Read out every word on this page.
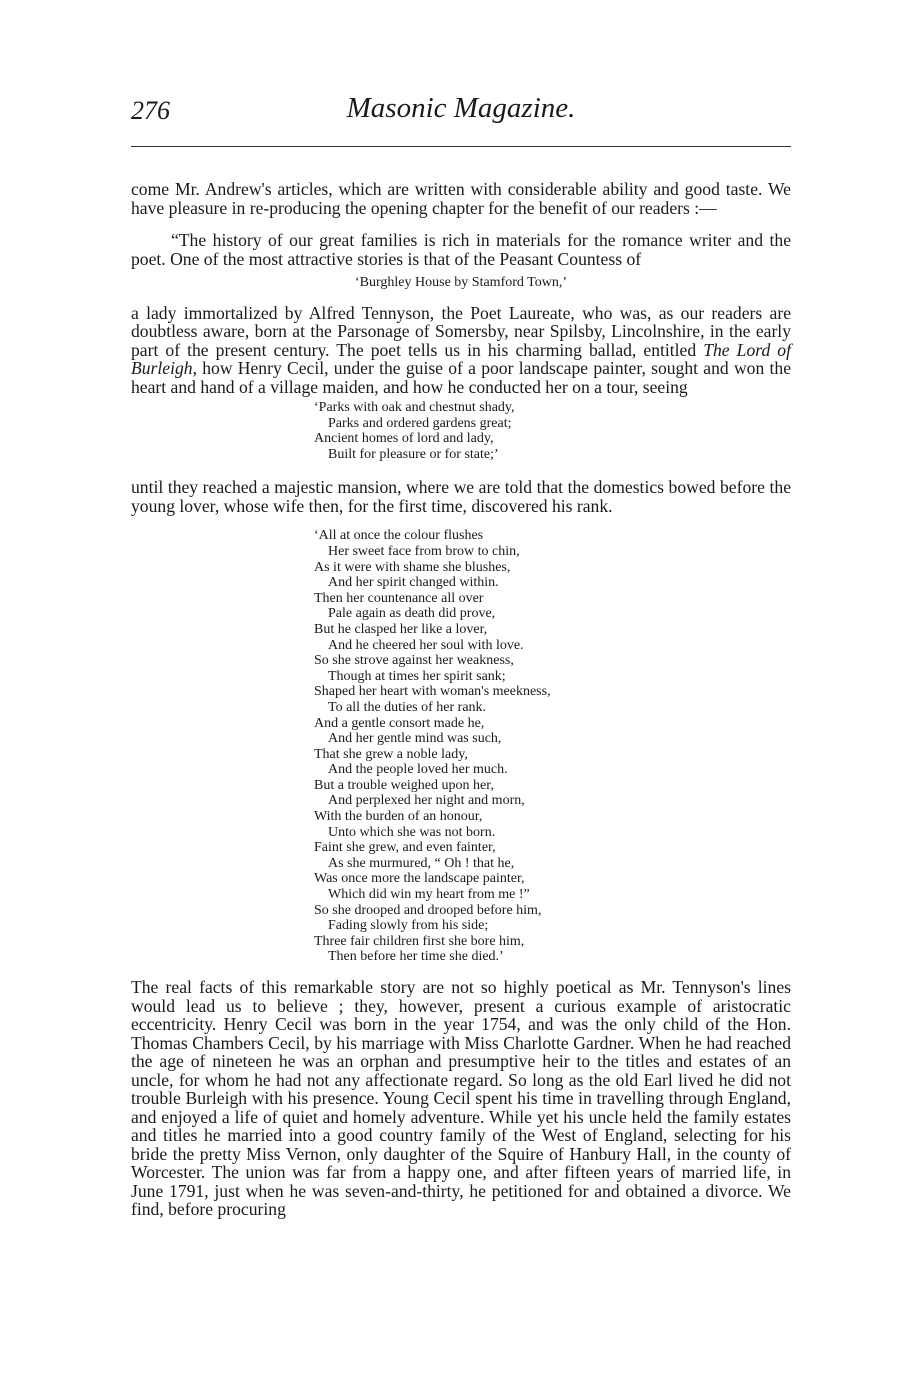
276	Masonic Magazine.

come Mr. Andrew's articles, which are written with considerable ability and good taste. We have pleasure in re-producing the opening chapter for the benefit of our readers :—

“The history of our great families is rich in materials for the romance writer and the poet. One of the most attractive stories is that of the Peasant Countess of

‘Burghley House by Stamford Town,’

a lady immortalized by Alfred Tennyson, the Poet Laureate, who was, as our readers are doubtless aware, born at the Parsonage of Somersby, near Spilsby, Lincolnshire, in the early part of the present century. The poet tells us in his charming ballad, entitled The Lord of Burleigh, how Henry Cecil, under the guise of a poor landscape painter, sought and won the heart and hand of a village maiden, and how he conducted her on a tour, seeing

‘Parks with oak and chestnut shady,
Parks and ordered gardens great;
Ancient homes of lord and lady,
Built for pleasure or for state;’

until they reached a majestic mansion, where we are told that the domestics bowed before the young lover, whose wife then, for the first time, discovered his rank.

‘All at once the colour flushes
Her sweet face from brow to chin,
As it were with shame she blushes,
And her spirit changed within.
Then her countenance all over
Pale again as death did prove,
But he clasped her like a lover,
And he cheered her soul with love.
So she strove against her weakness,
Though at times her spirit sank;
Shaped her heart with woman's meekness,
To all the duties of her rank.
And a gentle consort made he,
And her gentle mind was such,
That she grew a noble lady,
And the people loved her much.
But a trouble weighed upon her,
And perplexed her night and morn,
With the burden of an honour,
Unto which she was not born.
Faint she grew, and even fainter,
As she murmured, “ Oh ! that he,
Was once more the landscape painter,
Which did win my heart from me !”
So she drooped and drooped before him,
Fading slowly from his side;
Three fair children first she bore him,
Then before her time she died.’

The real facts of this remarkable story are not so highly poetical as Mr. Tennyson's lines would lead us to believe ; they, however, present a curious example of aristocratic eccentricity. Henry Cecil was born in the year 1754, and was the only child of the Hon. Thomas Chambers Cecil, by his marriage with Miss Charlotte Gardner. When he had reached the age of nineteen he was an orphan and presumptive heir to the titles and estates of an uncle, for whom he had not any affectionate regard. So long as the old Earl lived he did not trouble Burleigh with his presence. Young Cecil spent his time in travelling through England, and enjoyed a life of quiet and homely adventure. While yet his uncle held the family estates and titles he married into a good country family of the West of England, selecting for his bride the pretty Miss Vernon, only daughter of the Squire of Hanbury Hall, in the county of Worcester. The union was far from a happy one, and after fifteen years of married life, in June 1791, just when he was seven-and-thirty, he petitioned for and obtained a divorce. We find, before procuring
